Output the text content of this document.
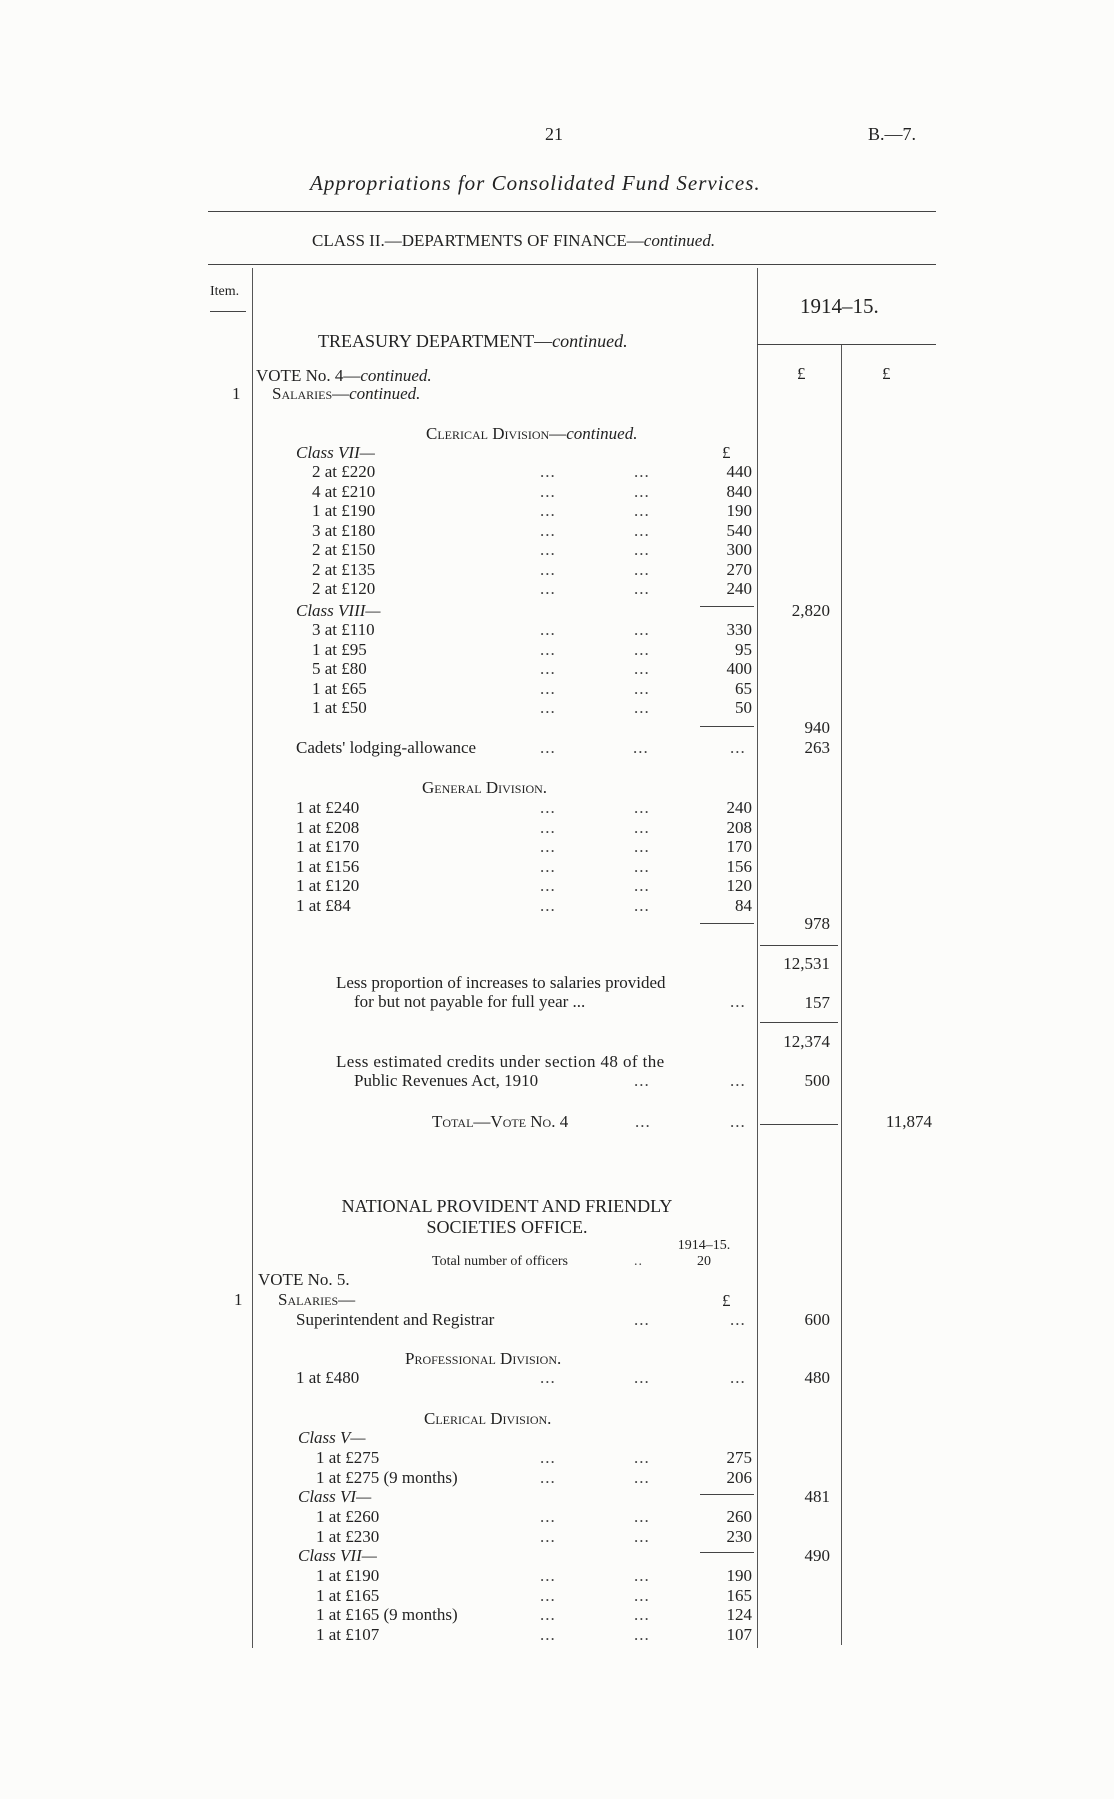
21	B.—7.
Appropriations for Consolidated Fund Services.
CLASS II.—DEPARTMENTS OF FINANCE—continued.
Item.
1914–15.
£	£
TREASURY DEPARTMENT—continued.
VOTE No. 4—continued.
1 Salaries—continued.
Clerical Division—continued.
£
Class VII—
2 at £220	...	...	440
4 at £210	...	...	840
1 at £190	...	...	190
3 at £180	...	...	540
2 at £150	...	...	300
2 at £135	...	...	270
2 at £120	...	...	240
Class VIII—	2,820
3 at £110	...	...	330
1 at £95	...	...	95
5 at £80	...	...	400
1 at £65	...	...	65
1 at £50	...	...	50
940
Cadets' lodging-allowance	...	...	...	263
General Division.
1 at £240	...	...	240
1 at £208	...	...	208
1 at £170	...	...	170
1 at £156	...	...	156
1 at £120	...	...	120
1 at £84	...	...	84
978
12,531
Less proportion of increases to salaries provided
for but not payable for full year ...	...	157
12,374
Less estimated credits under section 48 of the
Public Revenues Act, 1910	...	...	500
Total—Vote No. 4	...	...	11,874
NATIONAL PROVIDENT AND FRIENDLY
SOCIETIES OFFICE.
1914–15.
Total number of officers	..	20
VOTE No. 5.
1 Salaries—	£
Superintendent and Registrar	...	...	600
Professional Division.
1 at £480	...	...	...	480
Clerical Division.
Class V—
1 at £275	...	...	275
1 at £275 (9 months)	...	...	206
Class VI—	481
1 at £260	...	...	260
1 at £230	...	...	230
Class VII—	490
1 at £190	...	...	190
1 at £165	...	...	165
1 at £165 (9 months)	...	...	124
1 at £107	...	...	107
